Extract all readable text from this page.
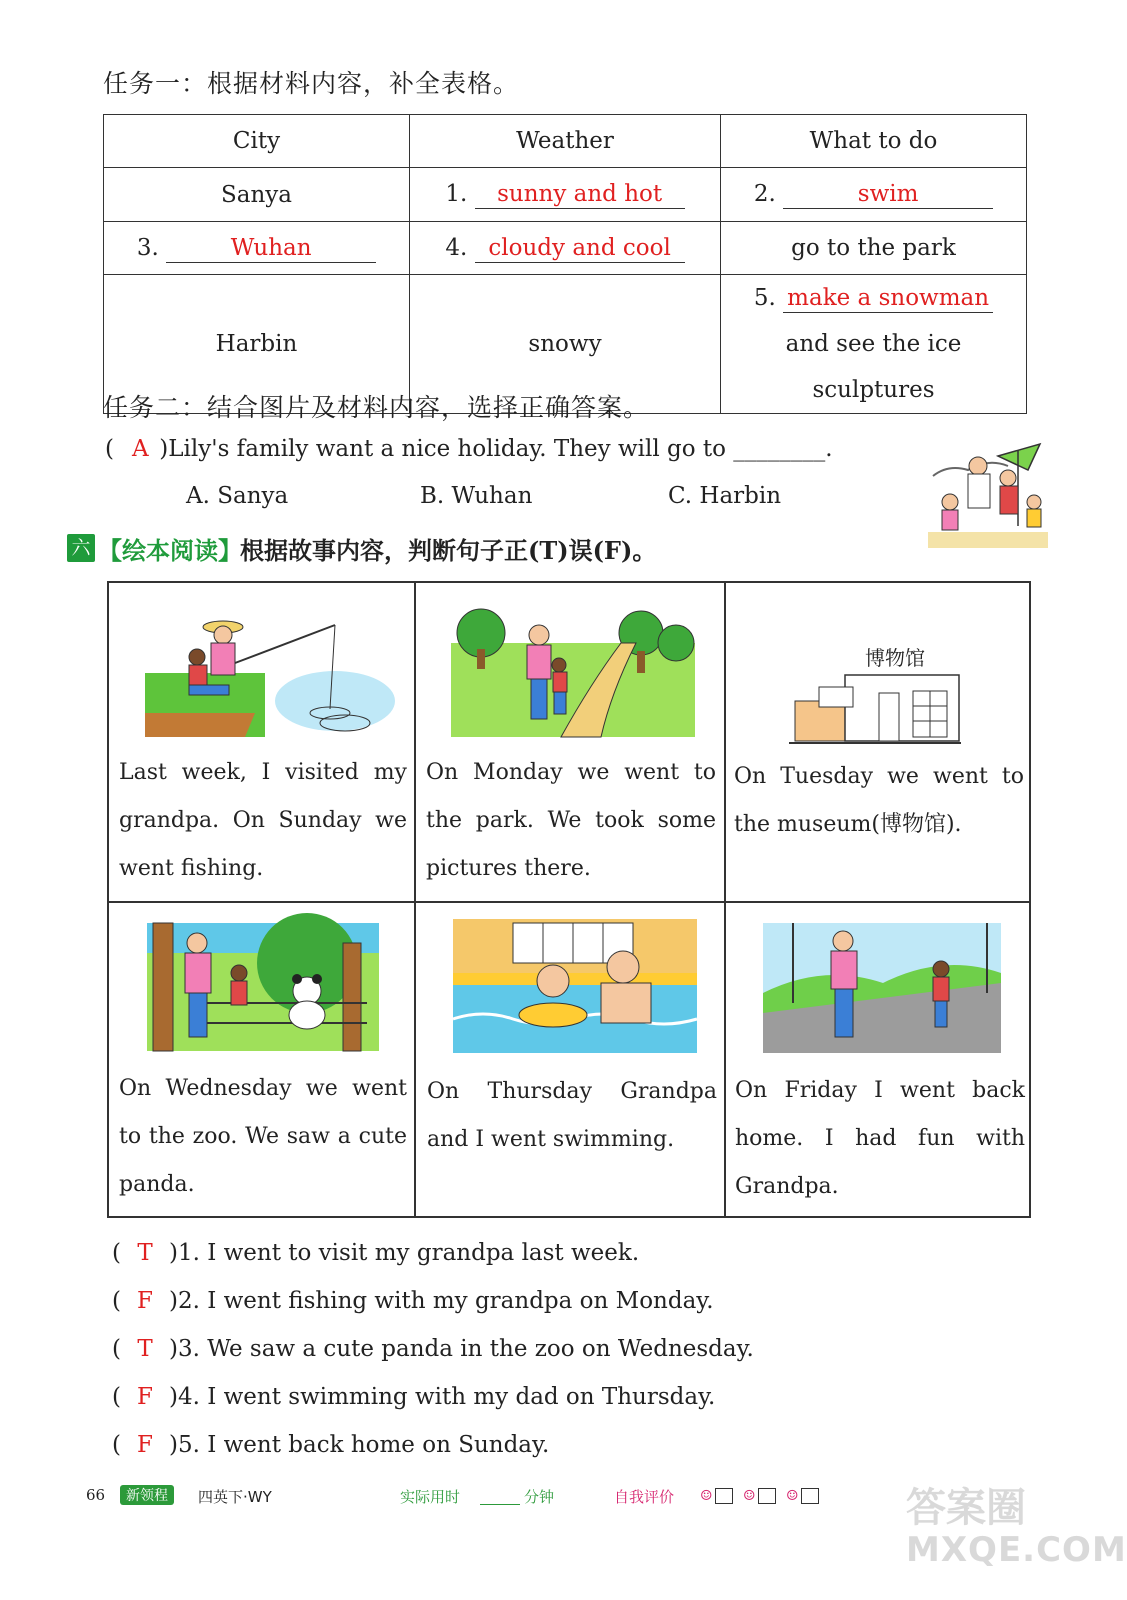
任务一：根据材料内容，补全表格。
City	Weather	What to do
Sanya	1. sunny and hot	2. swim
3. Wuhan	4. cloudy and cool	go to the park
Harbin	snowy	5. make a snowman
and see the ice sculptures
任务二：结合图片及材料内容，选择正确答案。
( A )Lily's family want a nice holiday. They will go to ________.
A. Sanya	B. Wuhan	C. Harbin
六 【绘本阅读】
根据故事内容，判断句子正(T)误(F)。
Last week, I visited my grandpa. On Sunday we went fishing.
On Monday we went to the park. We took some pictures there.
博物馆
On Tuesday we went to the museum(博物馆).
On Wednesday we went to the zoo. We saw a cute panda.
On Thursday Grandpa and I went swimming.
On Friday I went back home. I had fun with Grandpa.
( T )1. I went to visit my grandpa last week.
( F )2. I went fishing with my grandpa on Monday.
( T )3. We saw a cute panda in the zoo on Wednesday.
( F )4. I went swimming with my dad on Thursday.
( F )5. I went back home on Sunday.
66	新领程	四英下·WY	实际用时	分钟	自我评价 ☺ ☺ ☺	答案圈
MXQE.COM
